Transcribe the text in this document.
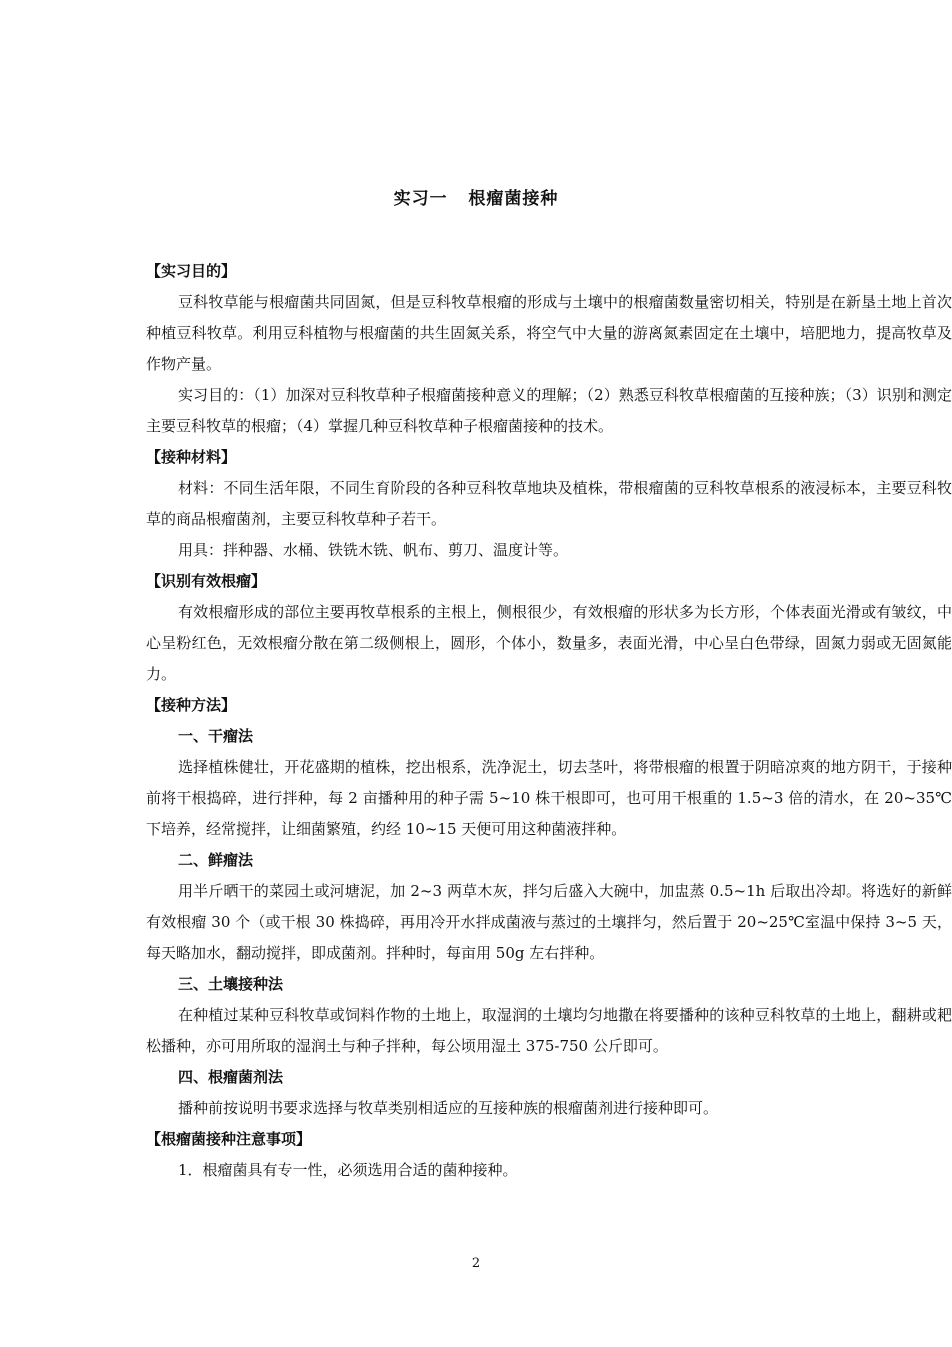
实习一   根瘤菌接种
【实习目的】
豆科牧草能与根瘤菌共同固氮，但是豆科牧草根瘤的形成与土壤中的根瘤菌数量密切相关，特别是在新垦土地上首次种植豆科牧草。利用豆科植物与根瘤菌的共生固氮关系，将空气中大量的游离氮素固定在土壤中，培肥地力，提高牧草及作物产量。
实习目的：（1）加深对豆科牧草种子根瘤菌接种意义的理解；（2）熟悉豆科牧草根瘤菌的互接种族；（3）识别和测定主要豆科牧草的根瘤；（4）掌握几种豆科牧草种子根瘤菌接种的技术。
【接种材料】
材料：不同生活年限，不同生育阶段的各种豆科牧草地块及植株，带根瘤菌的豆科牧草根系的液浸标本，主要豆科牧草的商品根瘤菌剂，主要豆科牧草种子若干。
用具：拌种器、水桶、铁铣木铣、帆布、剪刀、温度计等。
【识别有效根瘤】
有效根瘤形成的部位主要再牧草根系的主根上，侧根很少，有效根瘤的形状多为长方形，个体表面光滑或有皱纹，中心呈粉红色，无效根瘤分散在第二级侧根上，圆形，个体小，数量多，表面光滑，中心呈白色带绿，固氮力弱或无固氮能力。
【接种方法】
一、干瘤法
选择植株健壮，开花盛期的植株，挖出根系，洗净泥土，切去茎叶，将带根瘤的根置于阴暗凉爽的地方阴干，于接种前将干根捣碎，进行拌种，每 2 亩播种用的种子需 5~10 株干根即可，也可用干根重的 1.5~3 倍的清水，在 20~35℃下培养，经常搅拌，让细菌繁殖，约经 10~15 天便可用这种菌液拌种。
二、鲜瘤法
用半斤晒干的菜园土或河塘泥，加 2~3 两草木灰，拌匀后盛入大碗中，加盅蒸 0.5~1h 后取出冷却。将选好的新鲜有效根瘤 30 个（或干根 30 株捣碎，再用冷开水拌成菌液与蒸过的土壤拌匀，然后置于 20~25℃室温中保持 3~5 天，每天略加水，翻动搅拌，即成菌剂。拌种时，每亩用 50g 左右拌种。
三、土壤接种法
在种植过某种豆科牧草或饲料作物的土地上，取湿润的土壤均匀地撒在将要播种的该种豆科牧草的土地上，翻耕或耙松播种，亦可用所取的湿润土与种子拌种，每公顷用湿土 375-750 公斤即可。
四、根瘤菌剂法
播种前按说明书要求选择与牧草类别相适应的互接种族的根瘤菌剂进行接种即可。
【根瘤菌接种注意事项】
1．根瘤菌具有专一性，必须选用合适的菌种接种。
2
